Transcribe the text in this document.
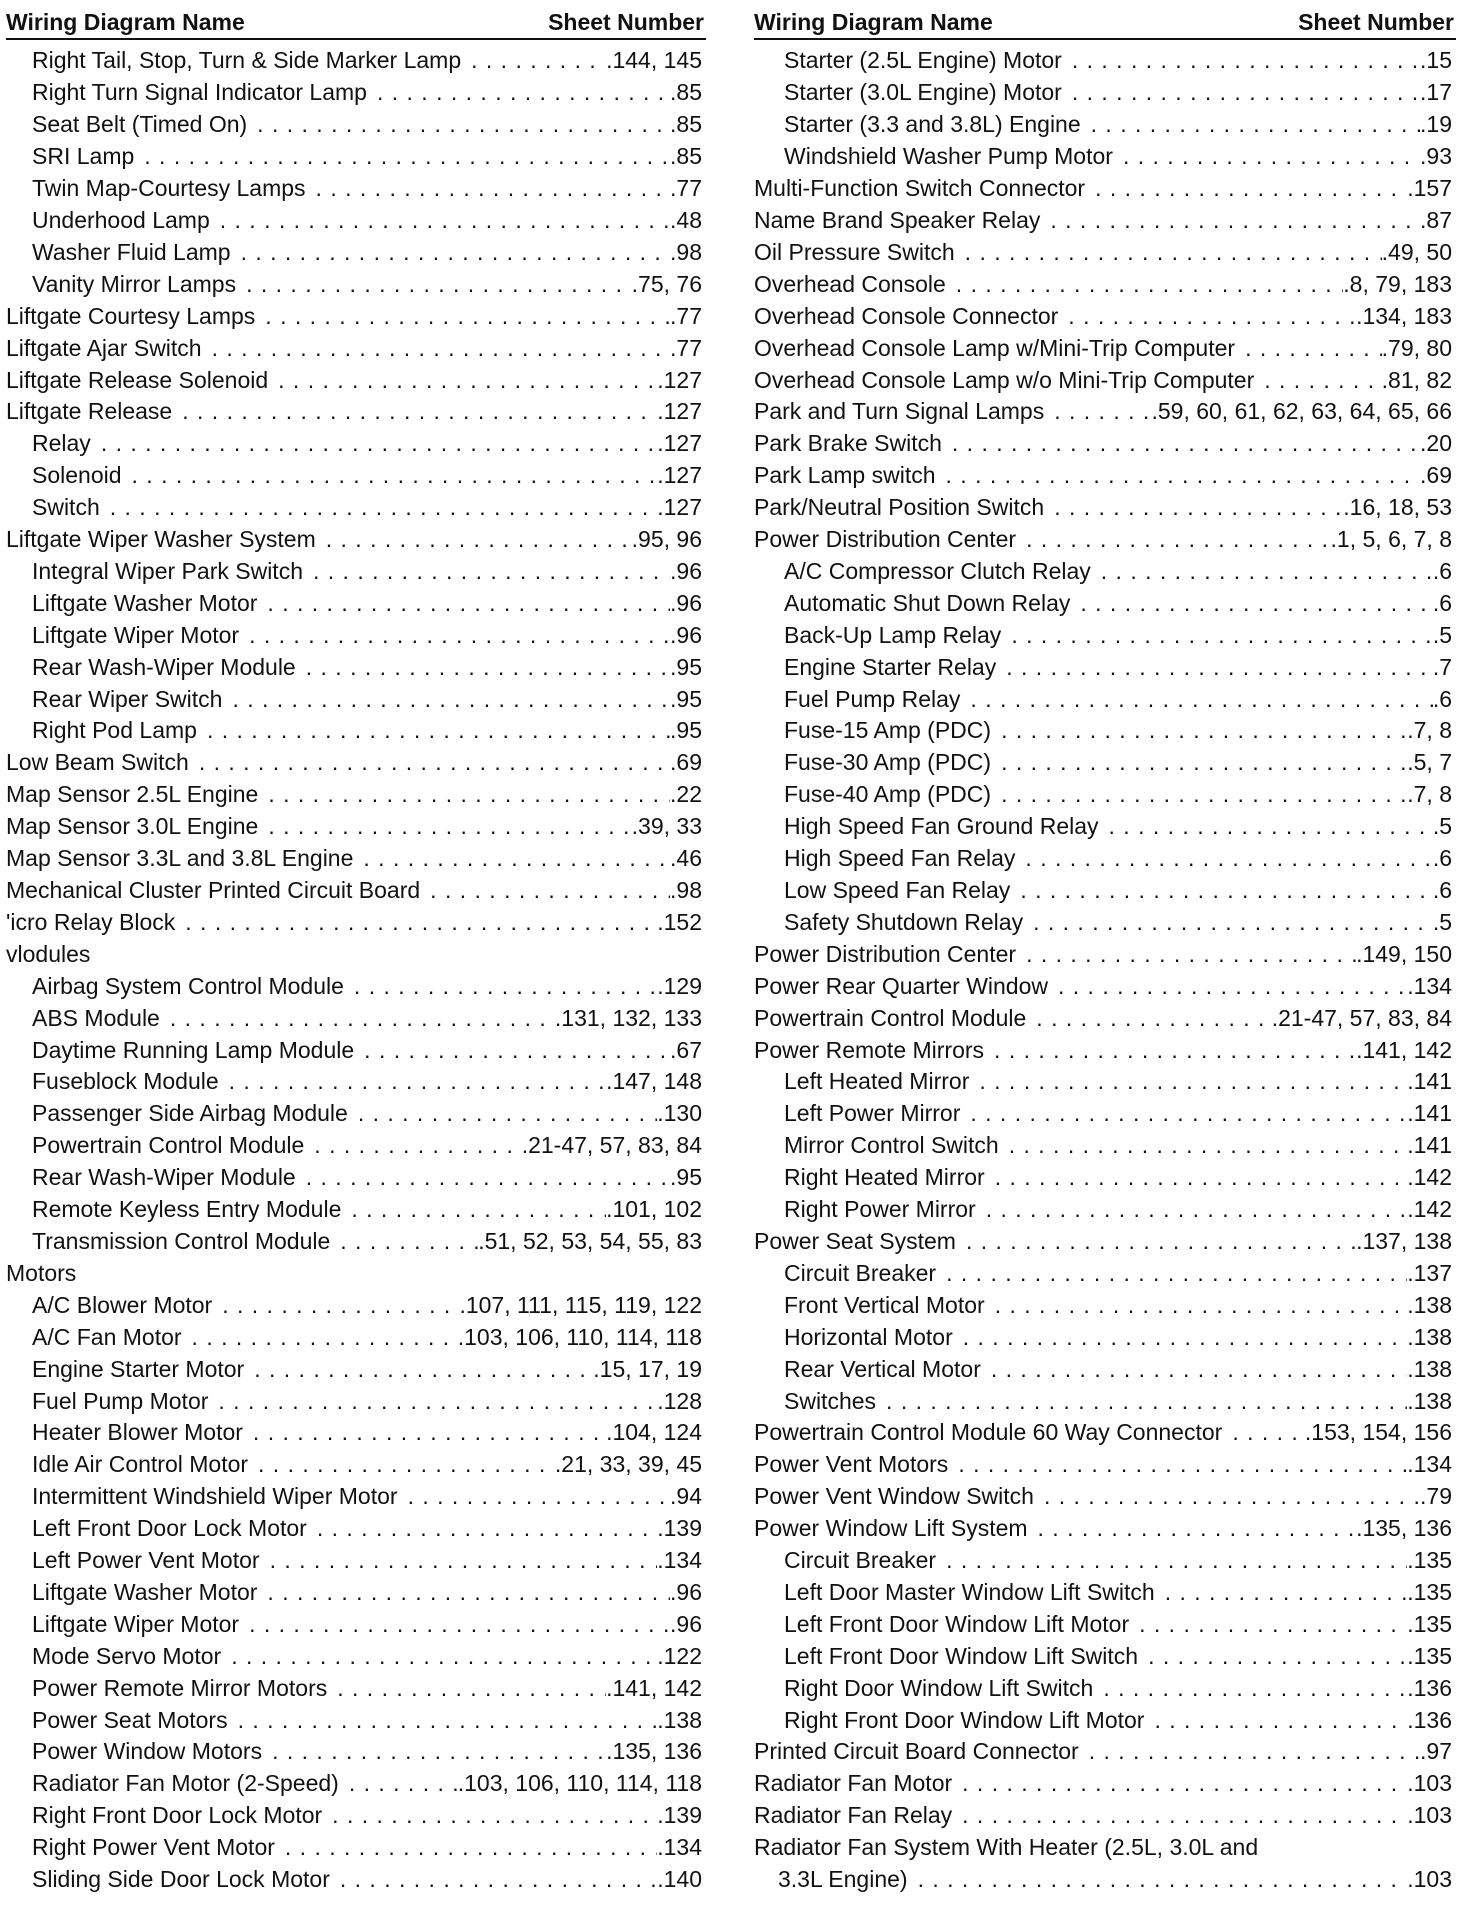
Wiring Diagram Name	Sheet Number
Right Tail, Stop, Turn & Side Marker Lamp . . .	.144, 145
Right Turn Signal Indicator Lamp . . .	.85
Seat Belt (Timed On) . . .	.85
SRI Lamp . . .	.85
Twin Map-Courtesy Lamps . . .	.77
Underhood Lamp . . .	.48
Washer Fluid Lamp . . .	.98
Vanity Mirror Lamps . . .	.75, 76
Liftgate Courtesy Lamps . . .	.77
Liftgate Ajar Switch . . .	.77
Liftgate Release Solenoid . . .	.127
Liftgate Release . . .	.127
Relay . . .	.127
Solenoid . . .	.127
Switch . . .	.127
Liftgate Wiper Washer System . . .	.95, 96
Integral Wiper Park Switch . . .	.96
Liftgate Washer Motor . . .	.96
Liftgate Wiper Motor . . .	.96
Rear Wash-Wiper Module . . .	.95
Rear Wiper Switch . . .	.95
Right Pod Lamp . . .	.95
Low Beam Switch . . .	.69
Map Sensor 2.5L Engine . . .	.22
Map Sensor 3.0L Engine . . .	.39, 33
Map Sensor 3.3L and 3.8L Engine . . .	.46
Mechanical Cluster Printed Circuit Board . . .	.98
'icro Relay Block . . .	.152
vlodules
Airbag System Control Module . . .	.129
ABS Module . . .	.131, 132, 133
Daytime Running Lamp Module . . .	.67
Fuseblock Module . . .	.147, 148
Passenger Side Airbag Module . . .	.130
Powertrain Control Module . . .	.21-47, 57, 83, 84
Rear Wash-Wiper Module . . .	.95
Remote Keyless Entry Module . . .	.101, 102
Transmission Control Module . . .	.51, 52, 53, 54, 55, 83
Motors
A/C Blower Motor . . .	.107, 111, 115, 119, 122
A/C Fan Motor . . .	.103, 106, 110, 114, 118
Engine Starter Motor . . .	.15, 17, 19
Fuel Pump Motor . . .	.128
Heater Blower Motor . . .	.104, 124
Idle Air Control Motor . . .	.21, 33, 39, 45
Intermittent Windshield Wiper Motor . . .	.94
Left Front Door Lock Motor . . .	.139
Left Power Vent Motor . . .	.134
Liftgate Washer Motor . . .	.96
Liftgate Wiper Motor . . .	.96
Mode Servo Motor . . .	.122
Power Remote Mirror Motors . . .	.141, 142
Power Seat Motors . . .	.138
Power Window Motors . . .	.135, 136
Radiator Fan Motor (2-Speed) . . .	.103, 106, 110, 114, 118
Right Front Door Lock Motor . . .	.139
Right Power Vent Motor . . .	.134
Sliding Side Door Lock Motor . . .	.140
Wiring Diagram Name	Sheet Number
Starter (2.5L Engine) Motor . . .	.15
Starter (3.0L Engine) Motor . . .	.17
Starter (3.3 and 3.8L) Engine . . .	.19
Windshield Washer Pump Motor . . .	.93
Multi-Function Switch Connector . . .	.157
Name Brand Speaker Relay . . .	.87
Oil Pressure Switch . . .	.49, 50
Overhead Console . . .	.8, 79, 183
Overhead Console Connector . . .	.134, 183
Overhead Console Lamp w/Mini-Trip Computer . . .	.79, 80
Overhead Console Lamp w/o Mini-Trip Computer . . .	.81, 82
Park and Turn Signal Lamps . . .	.59, 60, 61, 62, 63, 64, 65, 66
Park Brake Switch . . .	.20
Park Lamp switch . . .	.69
Park/Neutral Position Switch . . .	.16, 18, 53
Power Distribution Center . . .	.1, 5, 6, 7, 8
A/C Compressor Clutch Relay . . .	.6
Automatic Shut Down Relay . . .	.6
Back-Up Lamp Relay . . .	.5
Engine Starter Relay . . .	.7
Fuel Pump Relay . . .	.6
Fuse-15 Amp (PDC) . . .	.7, 8
Fuse-30 Amp (PDC) . . .	.5, 7
Fuse-40 Amp (PDC) . . .	.7, 8
High Speed Fan Ground Relay . . .	.5
High Speed Fan Relay . . .	.6
Low Speed Fan Relay . . .	.6
Safety Shutdown Relay . . .	.5
Power Distribution Center . . .	.149, 150
Power Rear Quarter Window . . .	.134
Powertrain Control Module . . .	.21-47, 57, 83, 84
Power Remote Mirrors . . .	.141, 142
Left Heated Mirror . . .	.141
Left Power Mirror . . .	.141
Mirror Control Switch . . .	.141
Right Heated Mirror . . .	.142
Right Power Mirror . . .	.142
Power Seat System . . .	.137, 138
Circuit Breaker . . .	.137
Front Vertical Motor . . .	.138
Horizontal Motor . . .	.138
Rear Vertical Motor . . .	.138
Switches . . .	.138
Powertrain Control Module 60 Way Connector . . .	.153, 154, 156
Power Vent Motors . . .	.134
Power Vent Window Switch . . .	.79
Power Window Lift System . . .	.135, 136
Circuit Breaker . . .	.135
Left Door Master Window Lift Switch . . .	.135
Left Front Door Window Lift Motor . . .	.135
Left Front Door Window Lift Switch . . .	.135
Right Door Window Lift Switch . . .	.136
Right Front Door Window Lift Motor . . .	.136
Printed Circuit Board Connector . . .	.97
Radiator Fan Motor . . .	.103
Radiator Fan Relay . . .	.103
Radiator Fan System With Heater (2.5L, 3.0L and
3.3L Engine) . . .	.103
